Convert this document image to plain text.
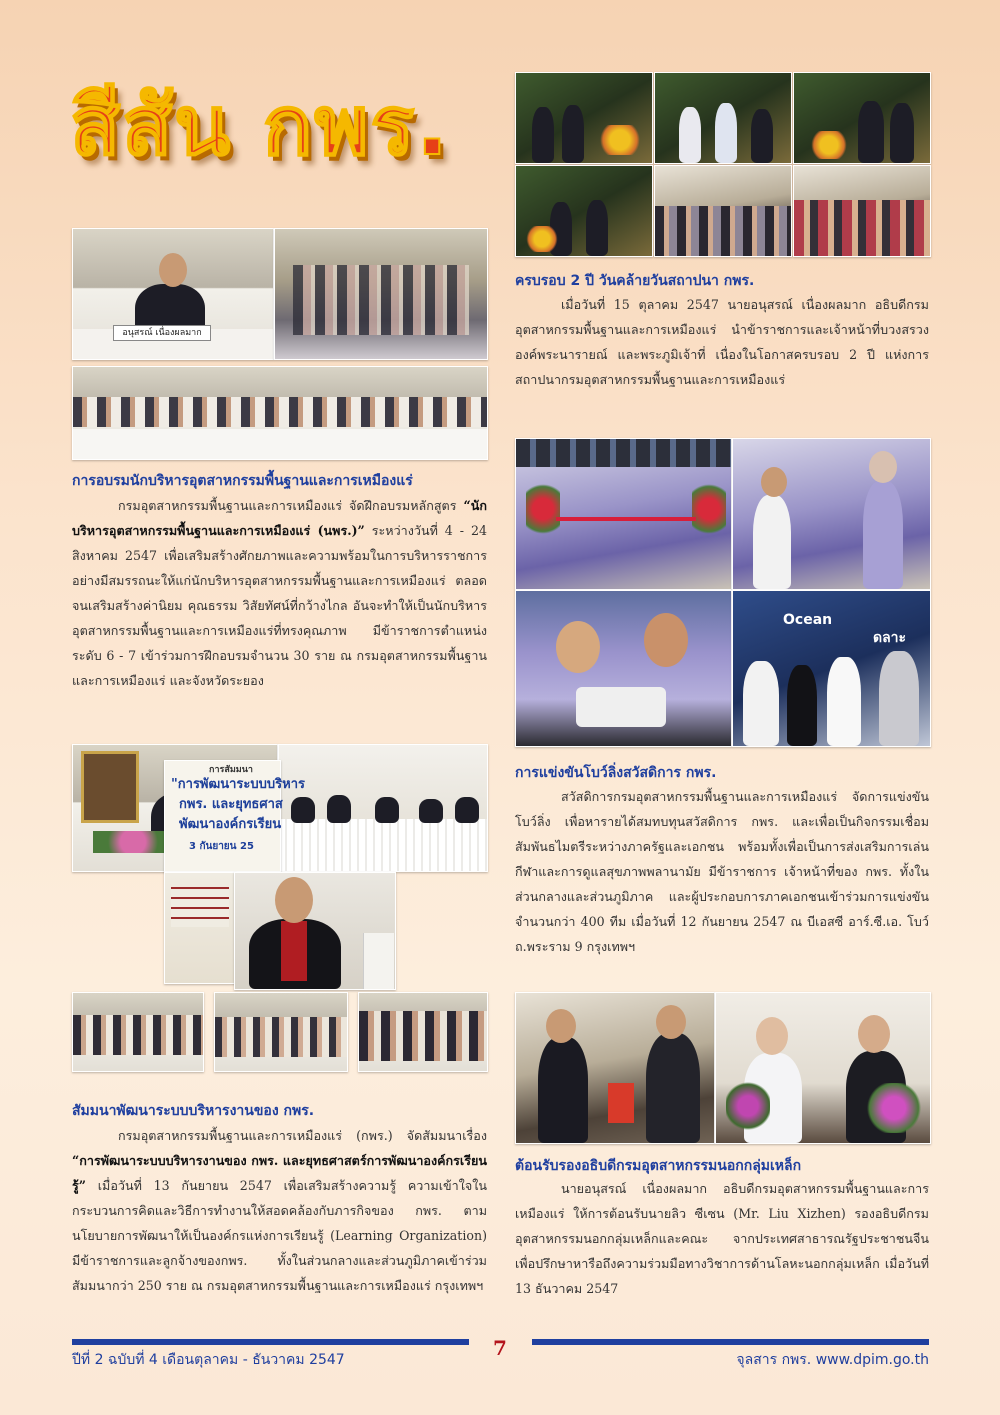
สีสัน กพร.
อนุสรณ์ เนื่องผลมาก
การอบรมนักบริหารอุตสาหกรรมพื้นฐานและการเหมืองแร่
กรมอุตสาหกรรมพื้นฐานและการเหมืองแร่ จัดฝึกอบรมหลักสูตร “นักบริหารอุตสาหกรรมพื้นฐานและการเหมืองแร่ (นพร.)” ระหว่างวันที่ 4 - 24 สิงหาคม 2547 เพื่อเสริมสร้างศักยภาพและความพร้อมในการบริหารราชการอย่างมีสมรรถนะให้แก่นักบริหารอุตสาหกรรมพื้นฐานและการเหมืองแร่ ตลอดจนเสริมสร้างค่านิยม คุณธรรม วิสัยทัศน์ที่กว้างไกล อันจะทำให้เป็นนักบริหารอุตสาหกรรมพื้นฐานและการเหมืองแร่ที่ทรงคุณภาพ มีข้าราชการตำแหน่งระดับ 6 - 7 เข้าร่วมการฝึกอบรมจำนวน 30 ราย ณ กรมอุตสาหกรรมพื้นฐานและการเหมืองแร่ และจังหวัดระยอง
การสัมมนา
"การพัฒนาระบบบริหาร
กพร. และยุทธศาส
พัฒนาองค์กรเรียน
3 กันยายน 25
สัมมนาพัฒนาระบบบริหารงานของ กพร.
กรมอุตสาหกรรมพื้นฐานและการเหมืองแร่ (กพร.) จัดสัมมนาเรื่อง “การพัฒนาระบบบริหารงานของ กพร. และยุทธศาสตร์การพัฒนาองค์กรเรียนรู้” เมื่อวันที่ 13 กันยายน 2547 เพื่อเสริมสร้างความรู้ ความเข้าใจในกระบวนการคิดและวิธีการทำงานให้สอดคล้องกับภารกิจของ กพร. ตามนโยบายการพัฒนาให้เป็นองค์กรแห่งการเรียนรู้ (Learning Organization) มีข้าราชการและลูกจ้างของกพร. ทั้งในส่วนกลางและส่วนภูมิภาคเข้าร่วมสัมมนากว่า 250 ราย ณ กรมอุตสาหกรรมพื้นฐานและการเหมืองแร่ กรุงเทพฯ
ครบรอบ 2 ปี วันคล้ายวันสถาปนา กพร.
เมื่อวันที่ 15 ตุลาคม 2547 นายอนุสรณ์ เนื่องผลมาก อธิบดีกรมอุตสาหกรรมพื้นฐานและการเหมืองแร่ นำข้าราชการและเจ้าหน้าที่บวงสรวงองค์พระนารายณ์ และพระภูมิเจ้าที่ เนื่องในโอกาสครบรอบ 2 ปี แห่งการสถาปนากรมอุตสาหกรรมพื้นฐานและการเหมืองแร่
Ocean
ดลาะ
การแข่งขันโบว์ลิ่งสวัสดิการ กพร.
สวัสดิการกรมอุตสาหกรรมพื้นฐานและการเหมืองแร่ จัดการแข่งขันโบว์ลิ่ง เพื่อหารายได้สมทบทุนสวัสดิการ กพร. และเพื่อเป็นกิจกรรมเชื่อมสัมพันธไมตรีระหว่างภาครัฐและเอกชน พร้อมทั้งเพื่อเป็นการส่งเสริมการเล่นกีฬาและการดูแลสุขภาพพลานามัย มีข้าราชการ เจ้าหน้าที่ของ กพร. ทั้งในส่วนกลางและส่วนภูมิภาค และผู้ประกอบการภาคเอกชนเข้าร่วมการแข่งขันจำนวนกว่า 400 ทีม เมื่อวันที่ 12 กันยายน 2547 ณ บีเอสซี อาร์.ซี.เอ. โบว์ ถ.พระราม 9 กรุงเทพฯ
ต้อนรับรองอธิบดีกรมอุตสาหกรรมนอกกลุ่มเหล็ก
นายอนุสรณ์ เนื่องผลมาก อธิบดีกรมอุตสาหกรรมพื้นฐานและการเหมืองแร่ ให้การต้อนรับนายลิว ซีเซน (Mr. Liu Xizhen) รองอธิบดีกรมอุตสาหกรรมนอกกลุ่มเหล็กและคณะ จากประเทศสาธารณรัฐประชาชนจีน เพื่อปรึกษาหารือถึงความร่วมมือทางวิชาการด้านโลหะนอกกลุ่มเหล็ก เมื่อวันที่ 13 ธันวาคม 2547
7
ปีที่ 2 ฉบับที่ 4 เดือนตุลาคม - ธันวาคม 2547	จุลสาร กพร. www.dpim.go.th
